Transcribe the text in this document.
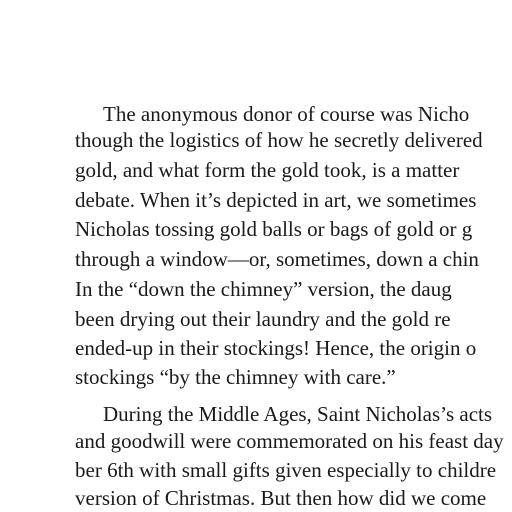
The anonymous donor of course was Nicho
though the logistics of how he secretly delivered
gold, and what form the gold took, is a matter
debate. When it’s depicted in art, we sometimes
Nicholas tossing gold balls or bags of gold or g
through a window—or, sometimes, down a chin
In the “down the chimney” version, the daug
been drying out their laundry and the gold re
ended-up in their stockings! Hence, the origin o
stockings “by the chimney with care.”
During the Middle Ages, Saint Nicholas’s acts
and goodwill were commemorated on his feast day
ber 6th with small gifts given especially to childre
version of Christmas. But then how did we come
